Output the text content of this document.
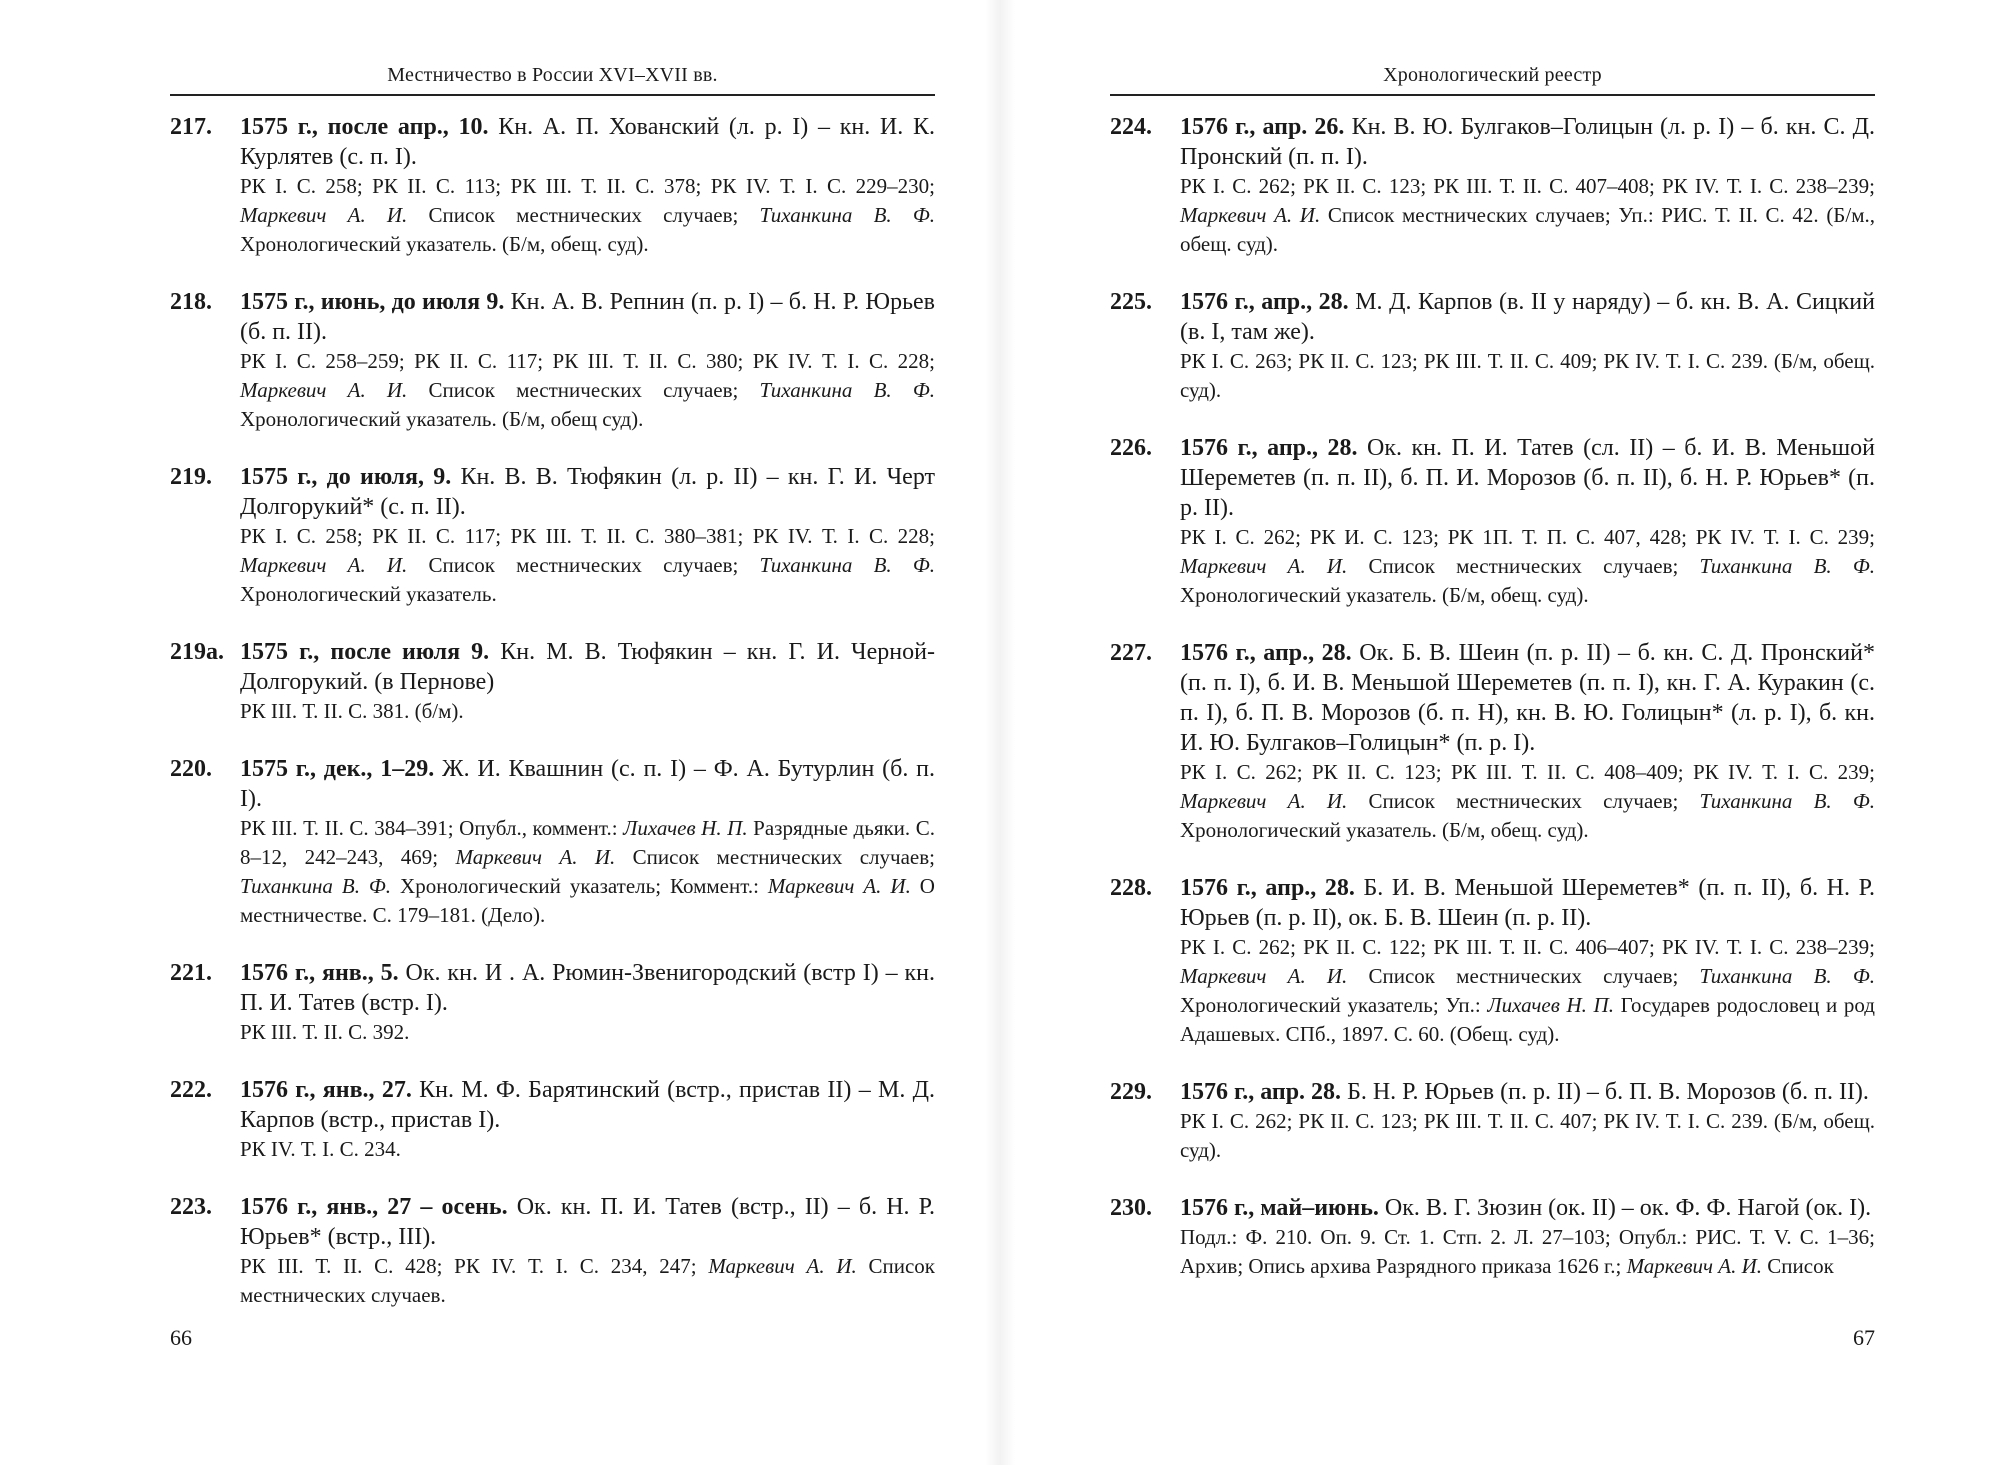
Местничество в России XVI–XVII вв.
217. 1575 г., после апр., 10. Кн. А. П. Хованский (л. р. I) – кн. И. К. Курлятев (с. п. I).
РК I. С. 258; РК II. С. 113; РК III. Т. II. С. 378; РК IV. Т. I. С. 229–230; Маркевич А. И. Список местнических случаев; Тиханкина В. Ф. Хронологический указатель. (Б/м, обещ. суд).
218. 1575 г., июнь, до июля 9. Кн. А. В. Репнин (п. р. I) – б. Н. Р. Юрьев (б. п. II).
РК I. С. 258–259; РК II. С. 117; РК III. Т. II. С. 380; РК IV. Т. I. С. 228; Маркевич А. И. Список местнических случаев; Тиханкина В. Ф. Хронологический указатель. (Б/м, обещ суд).
219. 1575 г., до июля, 9. Кн. В. В. Тюфякин (л. р. II) – кн. Г. И. Черт Долгорукий* (с. п. II).
РК I. С. 258; РК II. С. 117; РК III. Т. II. С. 380–381; РК IV. Т. I. С. 228; Маркевич А. И. Список местнических случаев; Тиханкина В. Ф. Хронологический указатель.
219а. 1575 г., после июля 9. Кн. М. В. Тюфякин – кн. Г. И. Черной-Долгорукий. (в Пернове)
РК III. Т. II. С. 381. (б/м).
220. 1575 г., дек., 1–29. Ж. И. Квашнин (с. п. I) – Ф. А. Бутурлин (б. п. I).
РК III. Т. II. С. 384–391; Опубл., коммент.: Лихачев Н. П. Разрядные дьяки. С. 8–12, 242–243, 469; Маркевич А. И. Список местнических случаев; Тиханкина В. Ф. Хронологический указатель; Коммент.: Маркевич А. И. О местничестве. С. 179–181. (Дело).
221. 1576 г., янв., 5. Ок. кн. И . А. Рюмин-Звенигородский (встр I) – кн. П. И. Татев (встр. I).
РК III. Т. II. С. 392.
222. 1576 г., янв., 27. Кн. М. Ф. Барятинский (встр., пристав II) – М. Д. Карпов (встр., пристав I).
РК IV. Т. I. С. 234.
223. 1576 г., янв., 27 – осень. Ок. кн. П. И. Татев (встр., II) – б. Н. Р. Юрьев* (встр., III).
РК III. Т. II. С. 428; РК IV. Т. I. С. 234, 247; Маркевич А. И. Список местнических случаев.
66
Хронологический реестр
224. 1576 г., апр. 26. Кн. В. Ю. Булгаков–Голицын (л. р. I) – б. кн. С. Д. Пронский (п. п. I).
РК I. С. 262; РК II. С. 123; РК III. Т. II. С. 407–408; РК IV. Т. I. С. 238–239; Маркевич А. И. Список местнических случаев; Уп.: РИС. Т. II. С. 42. (Б/м., обещ. суд).
225. 1576 г., апр., 28. М. Д. Карпов (в. II у наряду) – б. кн. В. А. Сицкий (в. I, там же).
РК I. С. 263; РК II. С. 123; РК III. Т. II. С. 409; РК IV. Т. I. С. 239. (Б/м, обещ. суд).
226. 1576 г., апр., 28. Ок. кн. П. И. Татев (сл. II) – б. И. В. Меньшой Шереметев (п. п. II), б. П. И. Морозов (б. п. II), б. Н. Р. Юрьев* (п. р. II).
РК I. С. 262; РК И. С. 123; РК 1П. Т. П. С. 407, 428; РК IV. Т. I. С. 239; Маркевич А. И. Список местнических случаев; Тиханкина В. Ф. Хронологический указатель. (Б/м, обещ. суд).
227. 1576 г., апр., 28. Ок. Б. В. Шеин (п. р. II) – б. кн. С. Д. Пронский* (п. п. I), б. И. В. Меньшой Шереметев (п. п. I), кн. Г. А. Куракин (с. п. I), б. П. В. Морозов (б. п. Н), кн. В. Ю. Голицын* (л. р. I), б. кн. И. Ю. Булгаков–Голицын* (п. р. I).
РК I. С. 262; РК II. С. 123; РК III. Т. II. С. 408–409; РК IV. Т. I. С. 239; Маркевич А. И. Список местнических случаев; Тиханкина В. Ф. Хронологический указатель. (Б/м, обещ. суд).
228. 1576 г., апр., 28. Б. И. В. Меньшой Шереметев* (п. п. II), б. Н. Р. Юрьев (п. р. II), ок. Б. В. Шеин (п. р. II).
РК I. С. 262; РК II. С. 122; РК III. Т. II. С. 406–407; РК IV. Т. I. С. 238–239; Маркевич А. И. Список местнических случаев; Тиханкина В. Ф. Хронологический указатель; Уп.: Лихачев Н. П. Государев родословец и род Адашевых. СПб., 1897. С. 60. (Обещ. суд).
229. 1576 г., апр. 28. Б. Н. Р. Юрьев (п. р. II) – б. П. В. Морозов (б. п. II).
РК I. С. 262; РК II. С. 123; РК III. Т. II. С. 407; РК IV. Т. I. С. 239. (Б/м, обещ. суд).
230. 1576 г., май–июнь. Ок. В. Г. Зюзин (ок. II) – ок. Ф. Ф. Нагой (ок. I).
Подл.: Ф. 210. Оп. 9. Ст. 1. Стп. 2. Л. 27–103; Опубл.: РИС. Т. V. С. 1–36; Архив; Опись архива Разрядного приказа 1626 г.; Маркевич А. И. Список
67
